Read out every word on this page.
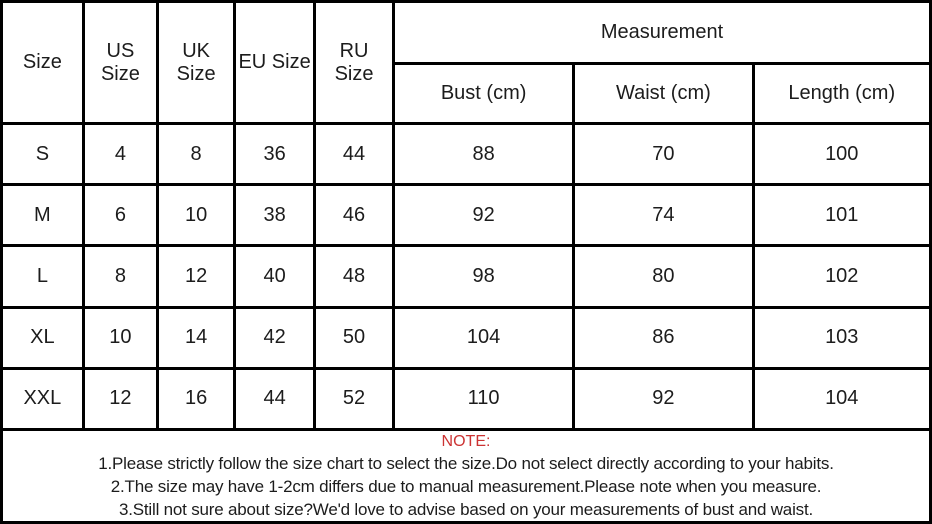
Size	US Size	UK Size	EU Size	RU Size	Measurement		
					Bust (cm)	Waist (cm)	Length (cm)
S	4	8	36	44	88	70	100
M	6	10	38	46	92	74	101
L	8	12	40	48	98	80	102
XL	10	14	42	50	104	86	103
XXL	12	16	44	52	110	92	104

NOTE:
1.Please strictly follow the size chart to select the size.Do not select directly according to your habits.
2.The size may have 1-2cm differs due to manual measurement.Please note when you measure.
3.Still not sure about size?We'd love to advise based on your measurements of bust and waist.							
